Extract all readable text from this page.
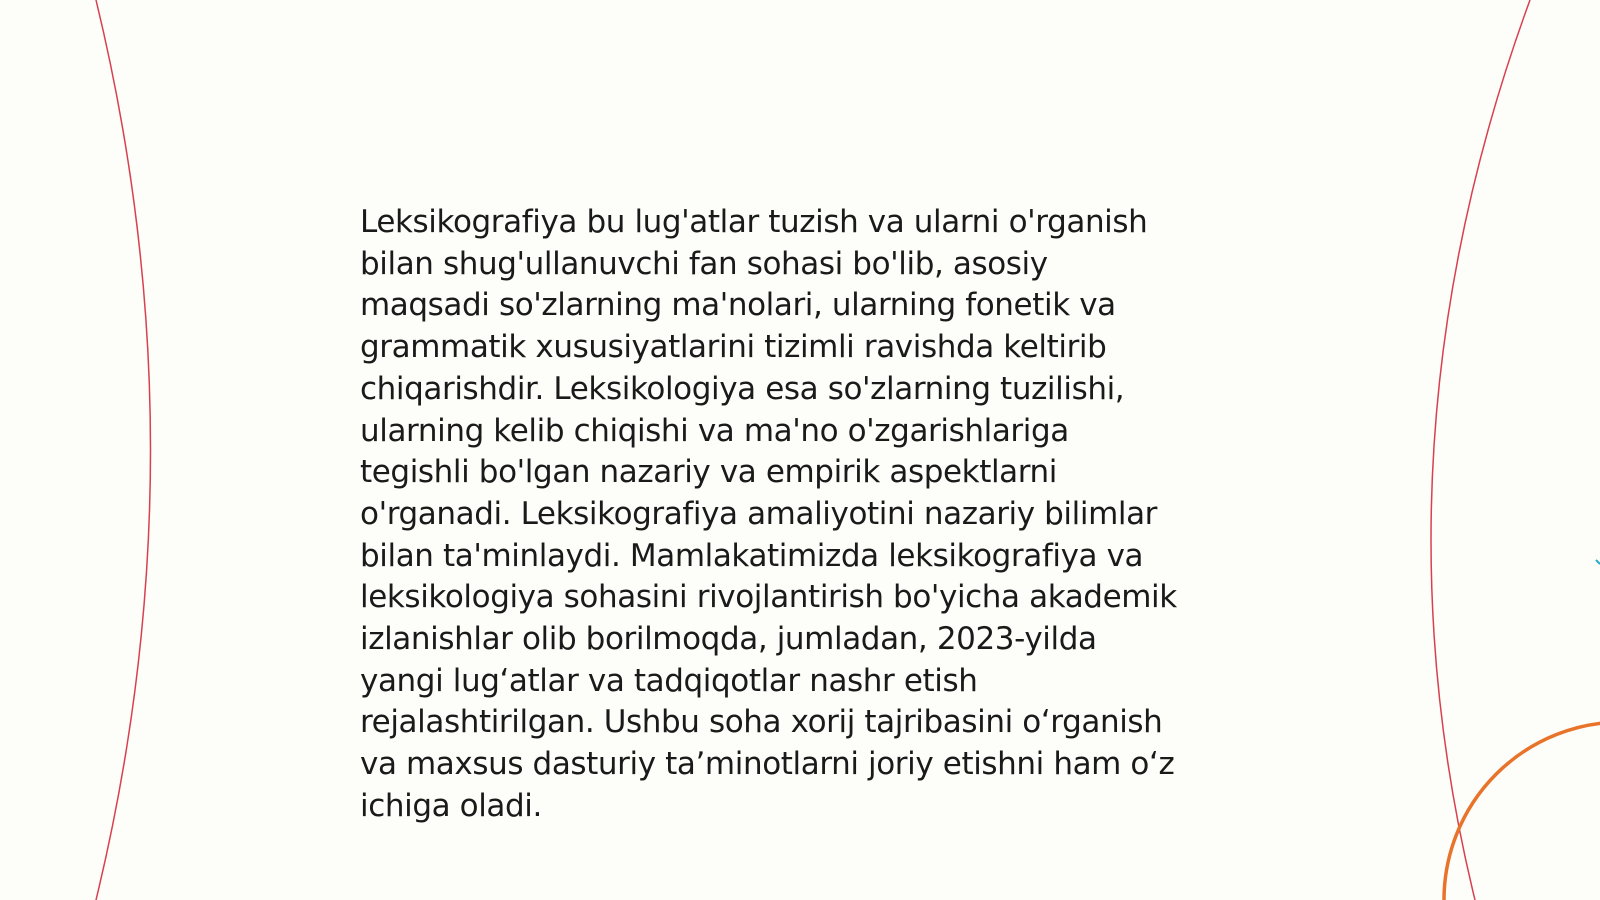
Leksikografiya bu lug'atlar tuzish va ularni o'rganish
bilan shug'ullanuvchi fan sohasi bo'lib, asosiy
maqsadi so'zlarning ma'nolari, ularning fonetik va
grammatik xususiyatlarini tizimli ravishda keltirib
chiqarishdir. Leksikologiya esa so'zlarning tuzilishi,
ularning kelib chiqishi va ma'no o'zgarishlariga
tegishli bo'lgan nazariy va empirik aspektlarni
o'rganadi. Leksikografiya amaliyotini nazariy bilimlar
bilan ta'minlaydi. Mamlakatimizda leksikografiya va
leksikologiya sohasini rivojlantirish bo'yicha akademik
izlanishlar olib borilmoqda, jumladan, 2023-yilda
yangi lug‘atlar va tadqiqotlar nashr etish
rejalashtirilgan. Ushbu soha xorij tajribasini o‘rganish
va maxsus dasturiy ta’minotlarni joriy etishni ham o‘z
ichiga oladi.
